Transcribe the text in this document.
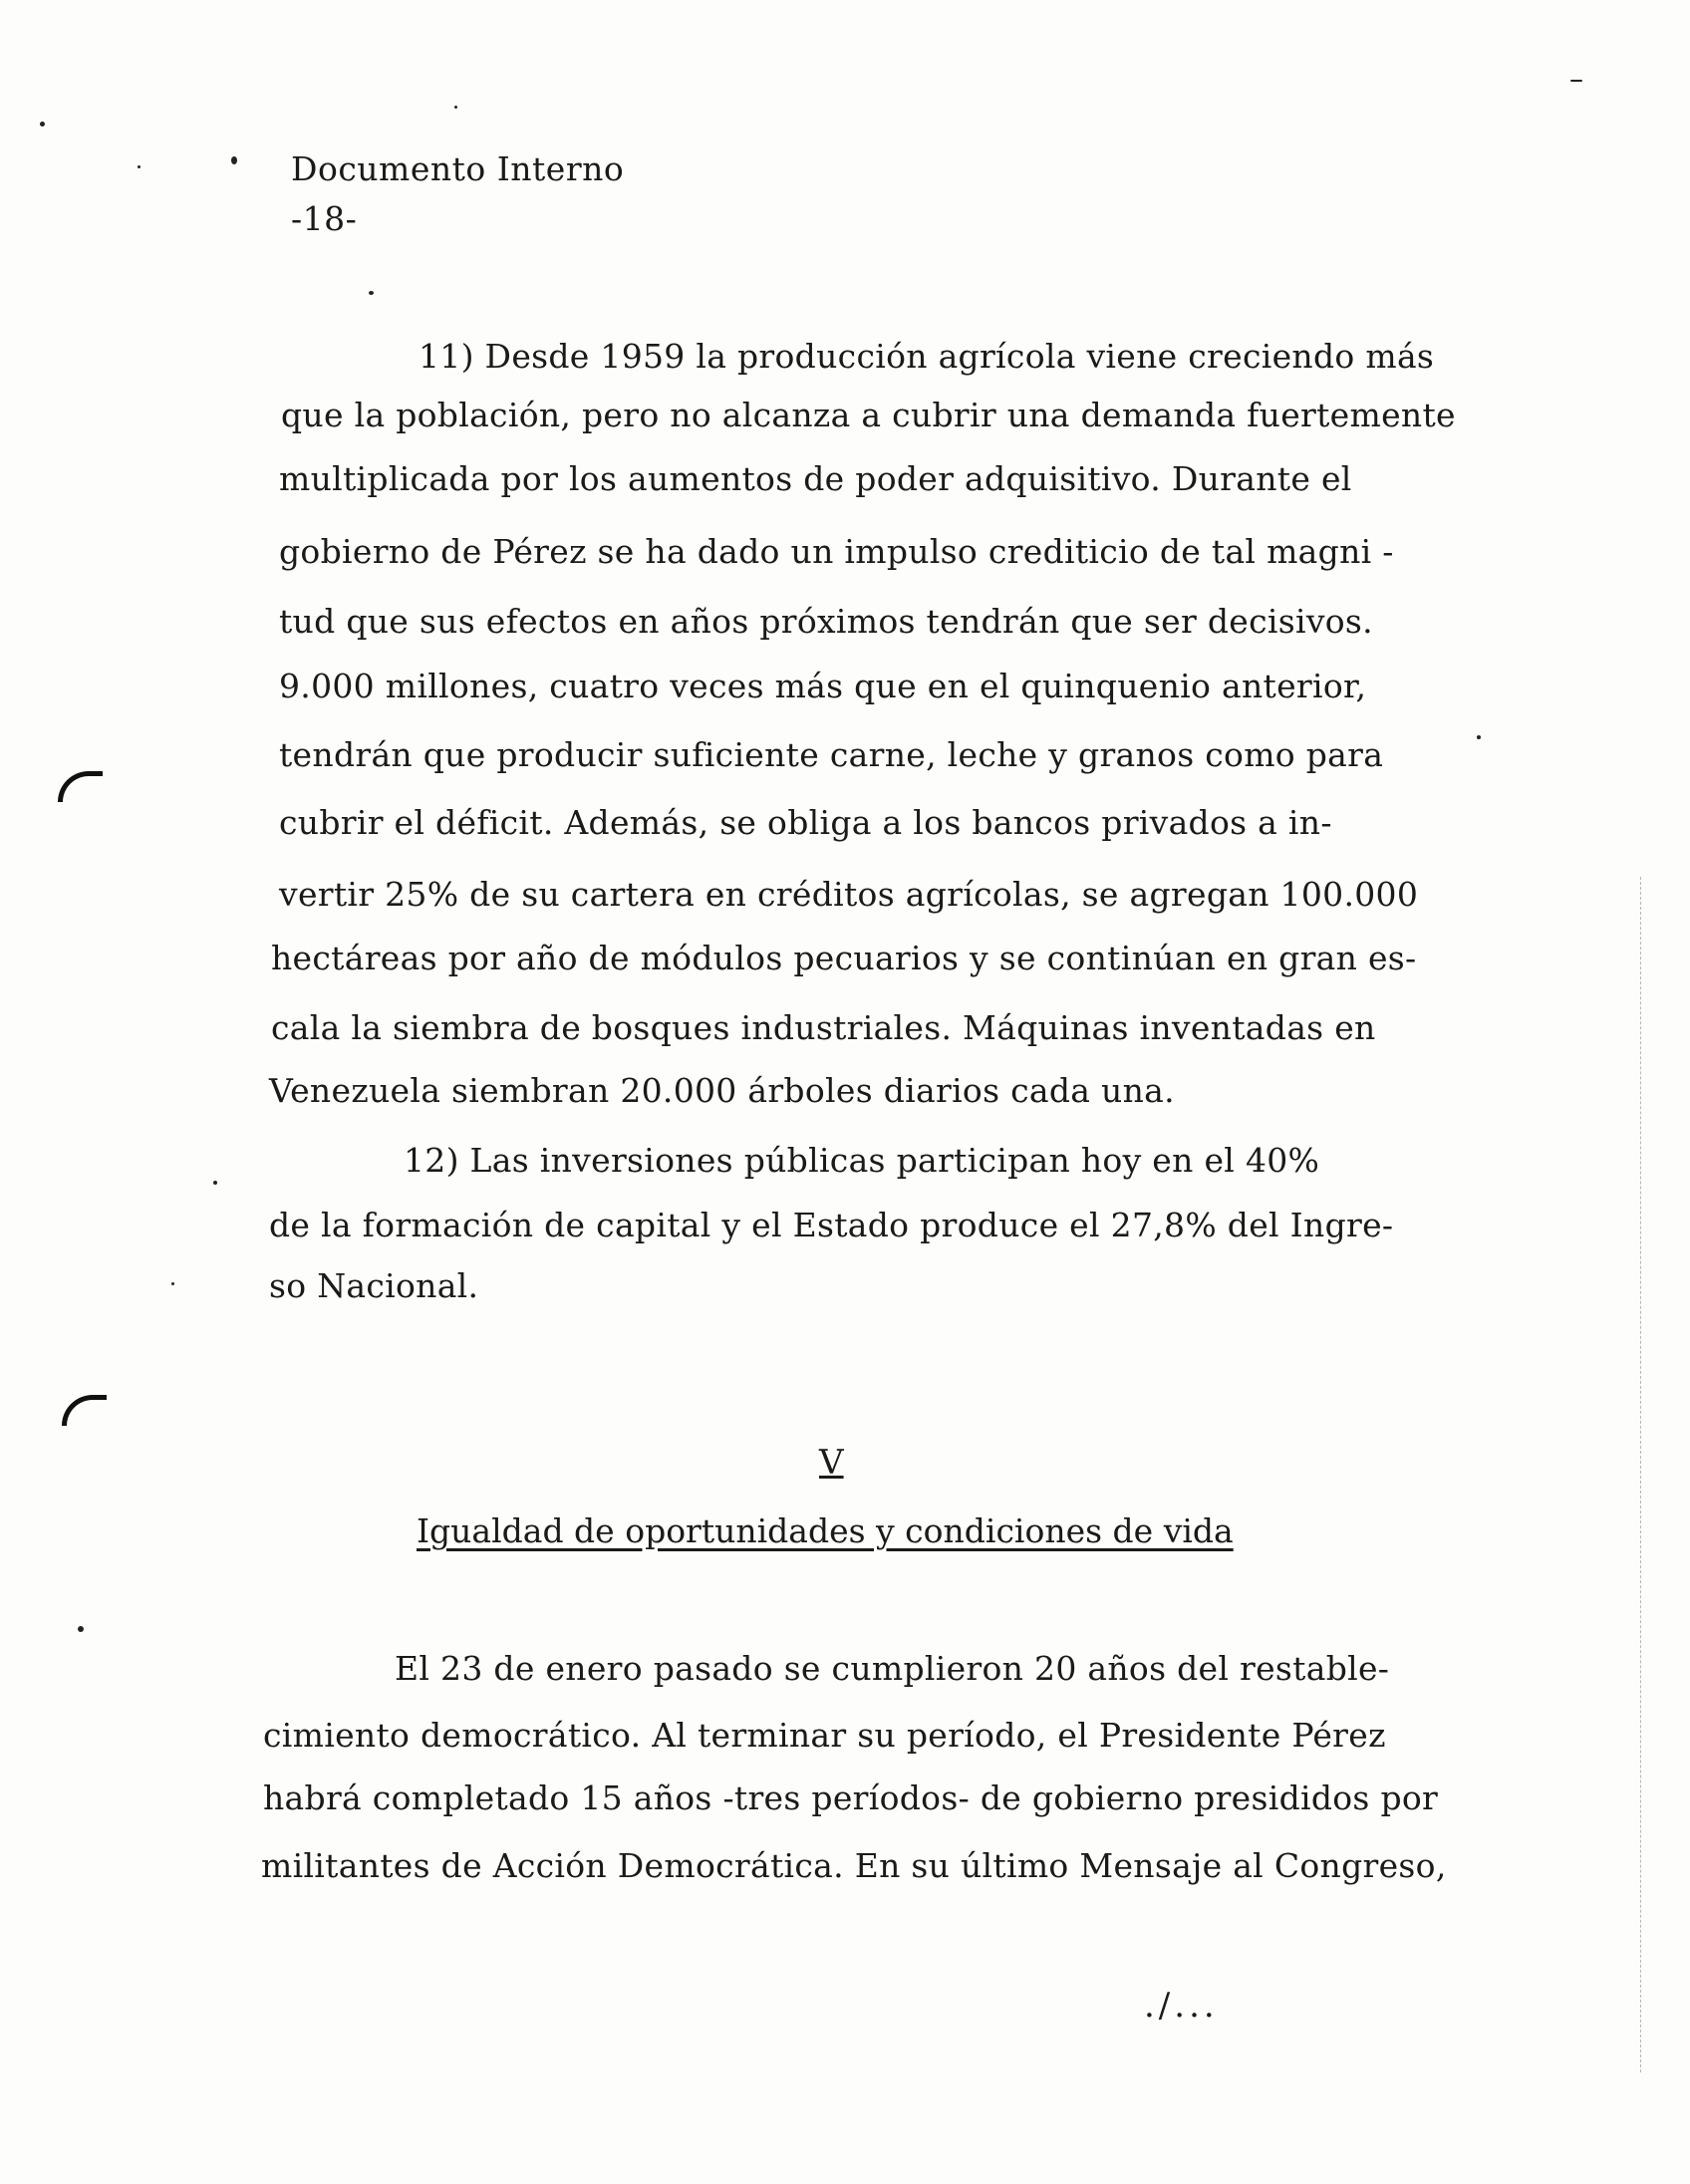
Documento Interno
-18-
11) Desde 1959 la producción agrícola viene creciendo más
que la población, pero no alcanza a cubrir una demanda fuertemente
multiplicada por los aumentos de poder adquisitivo. Durante el
gobierno de Pérez se ha dado un impulso crediticio de tal magni -
tud que sus efectos en años próximos tendrán que ser decisivos.
9.000 millones, cuatro veces más que en el quinquenio anterior,
tendrán que producir suficiente carne, leche y granos como para
cubrir el déficit. Además, se obliga a los bancos privados a in-
vertir 25% de su cartera en créditos agrícolas, se agregan 100.000
hectáreas por año de módulos pecuarios y se continúan en gran es-
cala la siembra de bosques industriales. Máquinas inventadas en
Venezuela siembran 20.000 árboles diarios cada una.
12) Las inversiones públicas participan hoy en el 40%
de la formación de capital y el Estado produce el 27,8% del Ingre-
so Nacional.
V
Igualdad de oportunidades y condiciones de vida
El 23 de enero pasado se cumplieron 20 años del restable-
cimiento democrático. Al terminar su período, el Presidente Pérez
habrá completado 15 años -tres períodos- de gobierno presididos por
militantes de Acción Democrática. En su último Mensaje al Congreso,
./...
